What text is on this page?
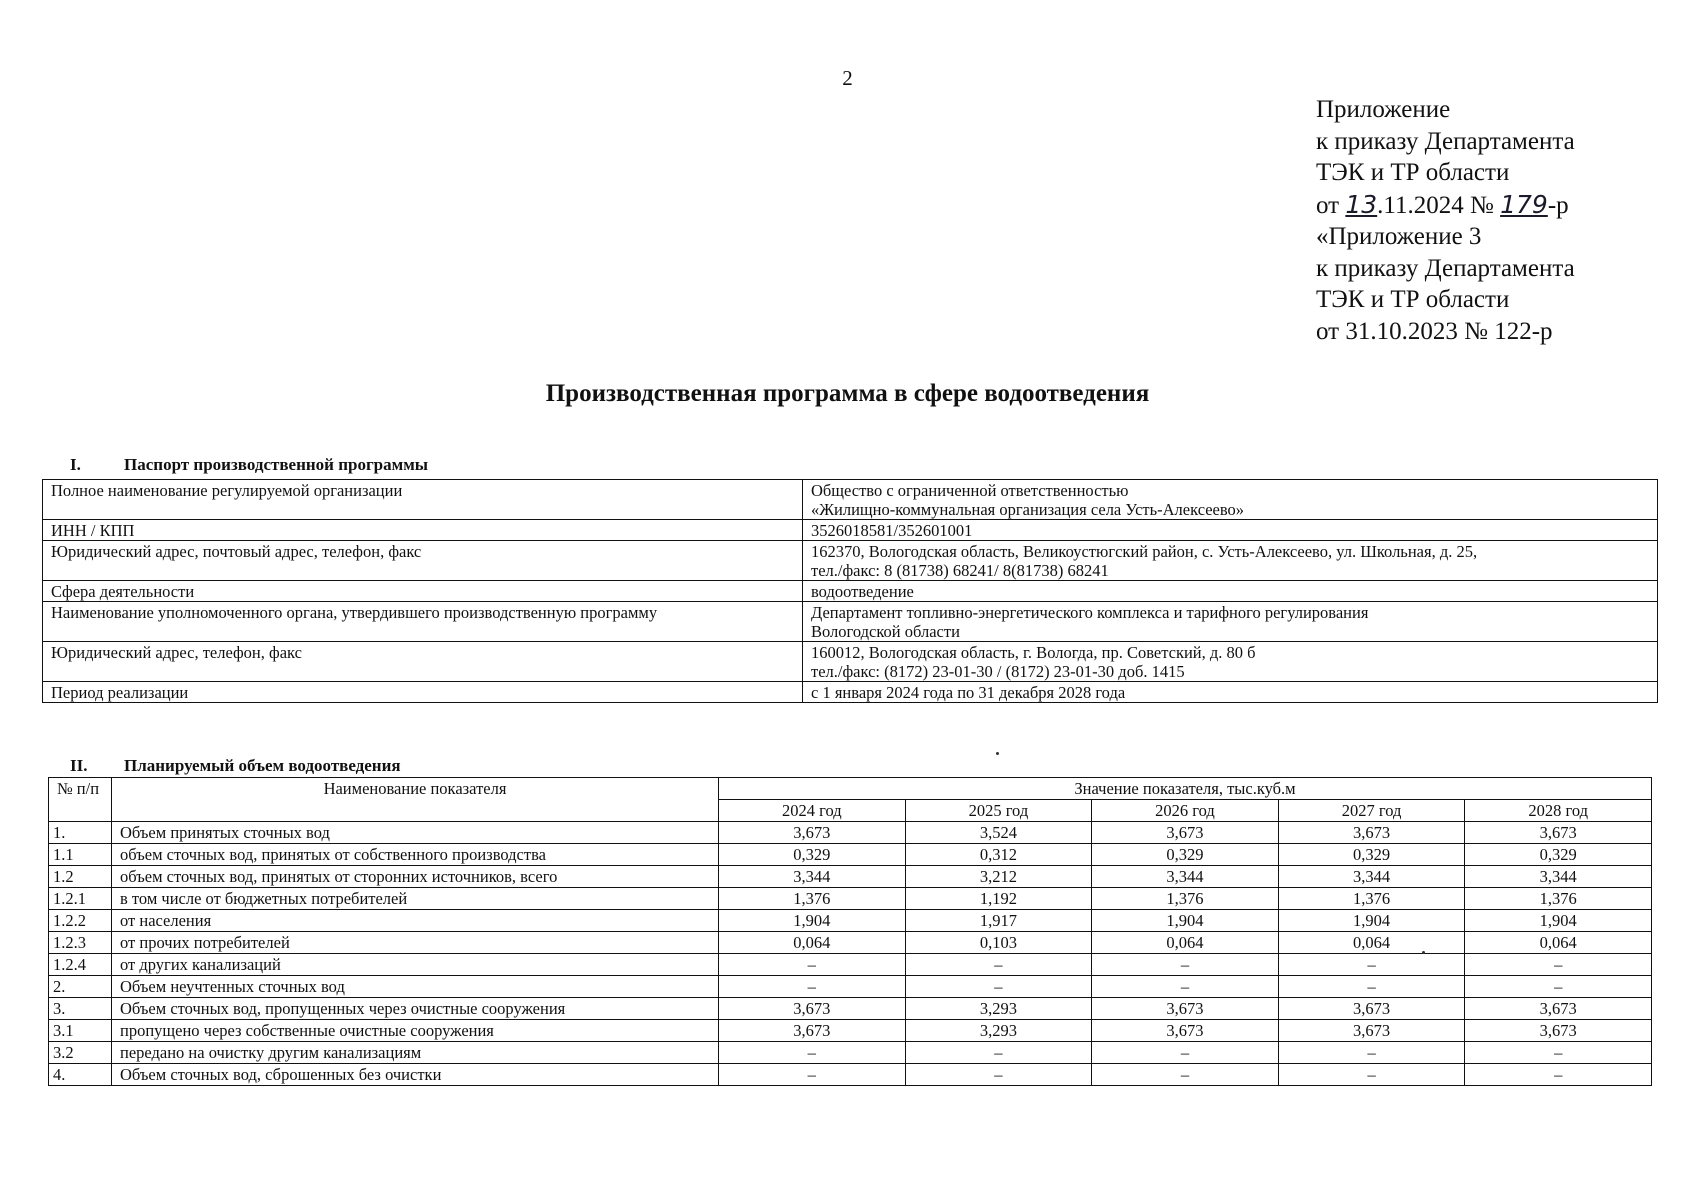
2
Приложение
к приказу Департамента
ТЭК и ТР области
от 13.11.2024 № 179-р
«Приложение 3
к приказу Департамента
ТЭК и ТР области
от 31.10.2023 № 122-р
Производственная программа в сфере водоотведения
I.	Паспорт производственной программы
Полное наименование регулируемой организации	Общество с ограниченной ответственностью
«Жилищно-коммунальная организация села Усть-Алексеево»

ИНН / КПП	3526018581/352601001

Юридический адрес, почтовый адрес, телефон, факс	162370, Вологодская область, Великоустюгский район, с. Усть-Алексеево, ул. Школьная, д. 25,
тел./факс: 8 (81738) 68241/ 8(81738) 68241

Сфера деятельности	водоотведение

Наименование уполномоченного органа, утвердившего производственную программу	Департамент топливно-энергетического комплекса и тарифного регулирования
Вологодской области

Юридический адрес, телефон, факс	160012, Вологодская область, г. Вологда, пр. Советский, д. 80 б
тел./факс: (8172) 23-01-30 / (8172) 23-01-30 доб. 1415

Период реализации	с 1 января 2024 года по 31 декабря 2028 года
II. Планируемый объем водоотведения
№ п/п	Наименование показателя	Значение показателя, тыс.куб.м				
		2024 год	2025 год	2026 год	2027 год	2028 год
1.	Объем принятых сточных вод	3,673	3,524	3,673	3,673	3,673
1.1	объем сточных вод, принятых от собственного производства	0,329	0,312	0,329	0,329	0,329
1.2	объем сточных вод, принятых от сторонних источников, всего	3,344	3,212	3,344	3,344	3,344
1.2.1	в том числе от бюджетных потребителей	1,376	1,192	1,376	1,376	1,376
1.2.2	от населения	1,904	1,917	1,904	1,904	1,904
1.2.3	от прочих потребителей	0,064	0,103	0,064	0,064	0,064
1.2.4	от других канализаций	–	–	–	–	–
2.	Объем неучтенных сточных вод	–	–	–	–	–
3.	Объем сточных вод, пропущенных через очистные сооружения	3,673	3,293	3,673	3,673	3,673
3.1	пропущено через собственные очистные сооружения	3,673	3,293	3,673	3,673	3,673
3.2	передано на очистку другим канализациям	–	–	–	–	–
4.	Объем сточных вод, сброшенных без очистки	–	–	–	–	–
